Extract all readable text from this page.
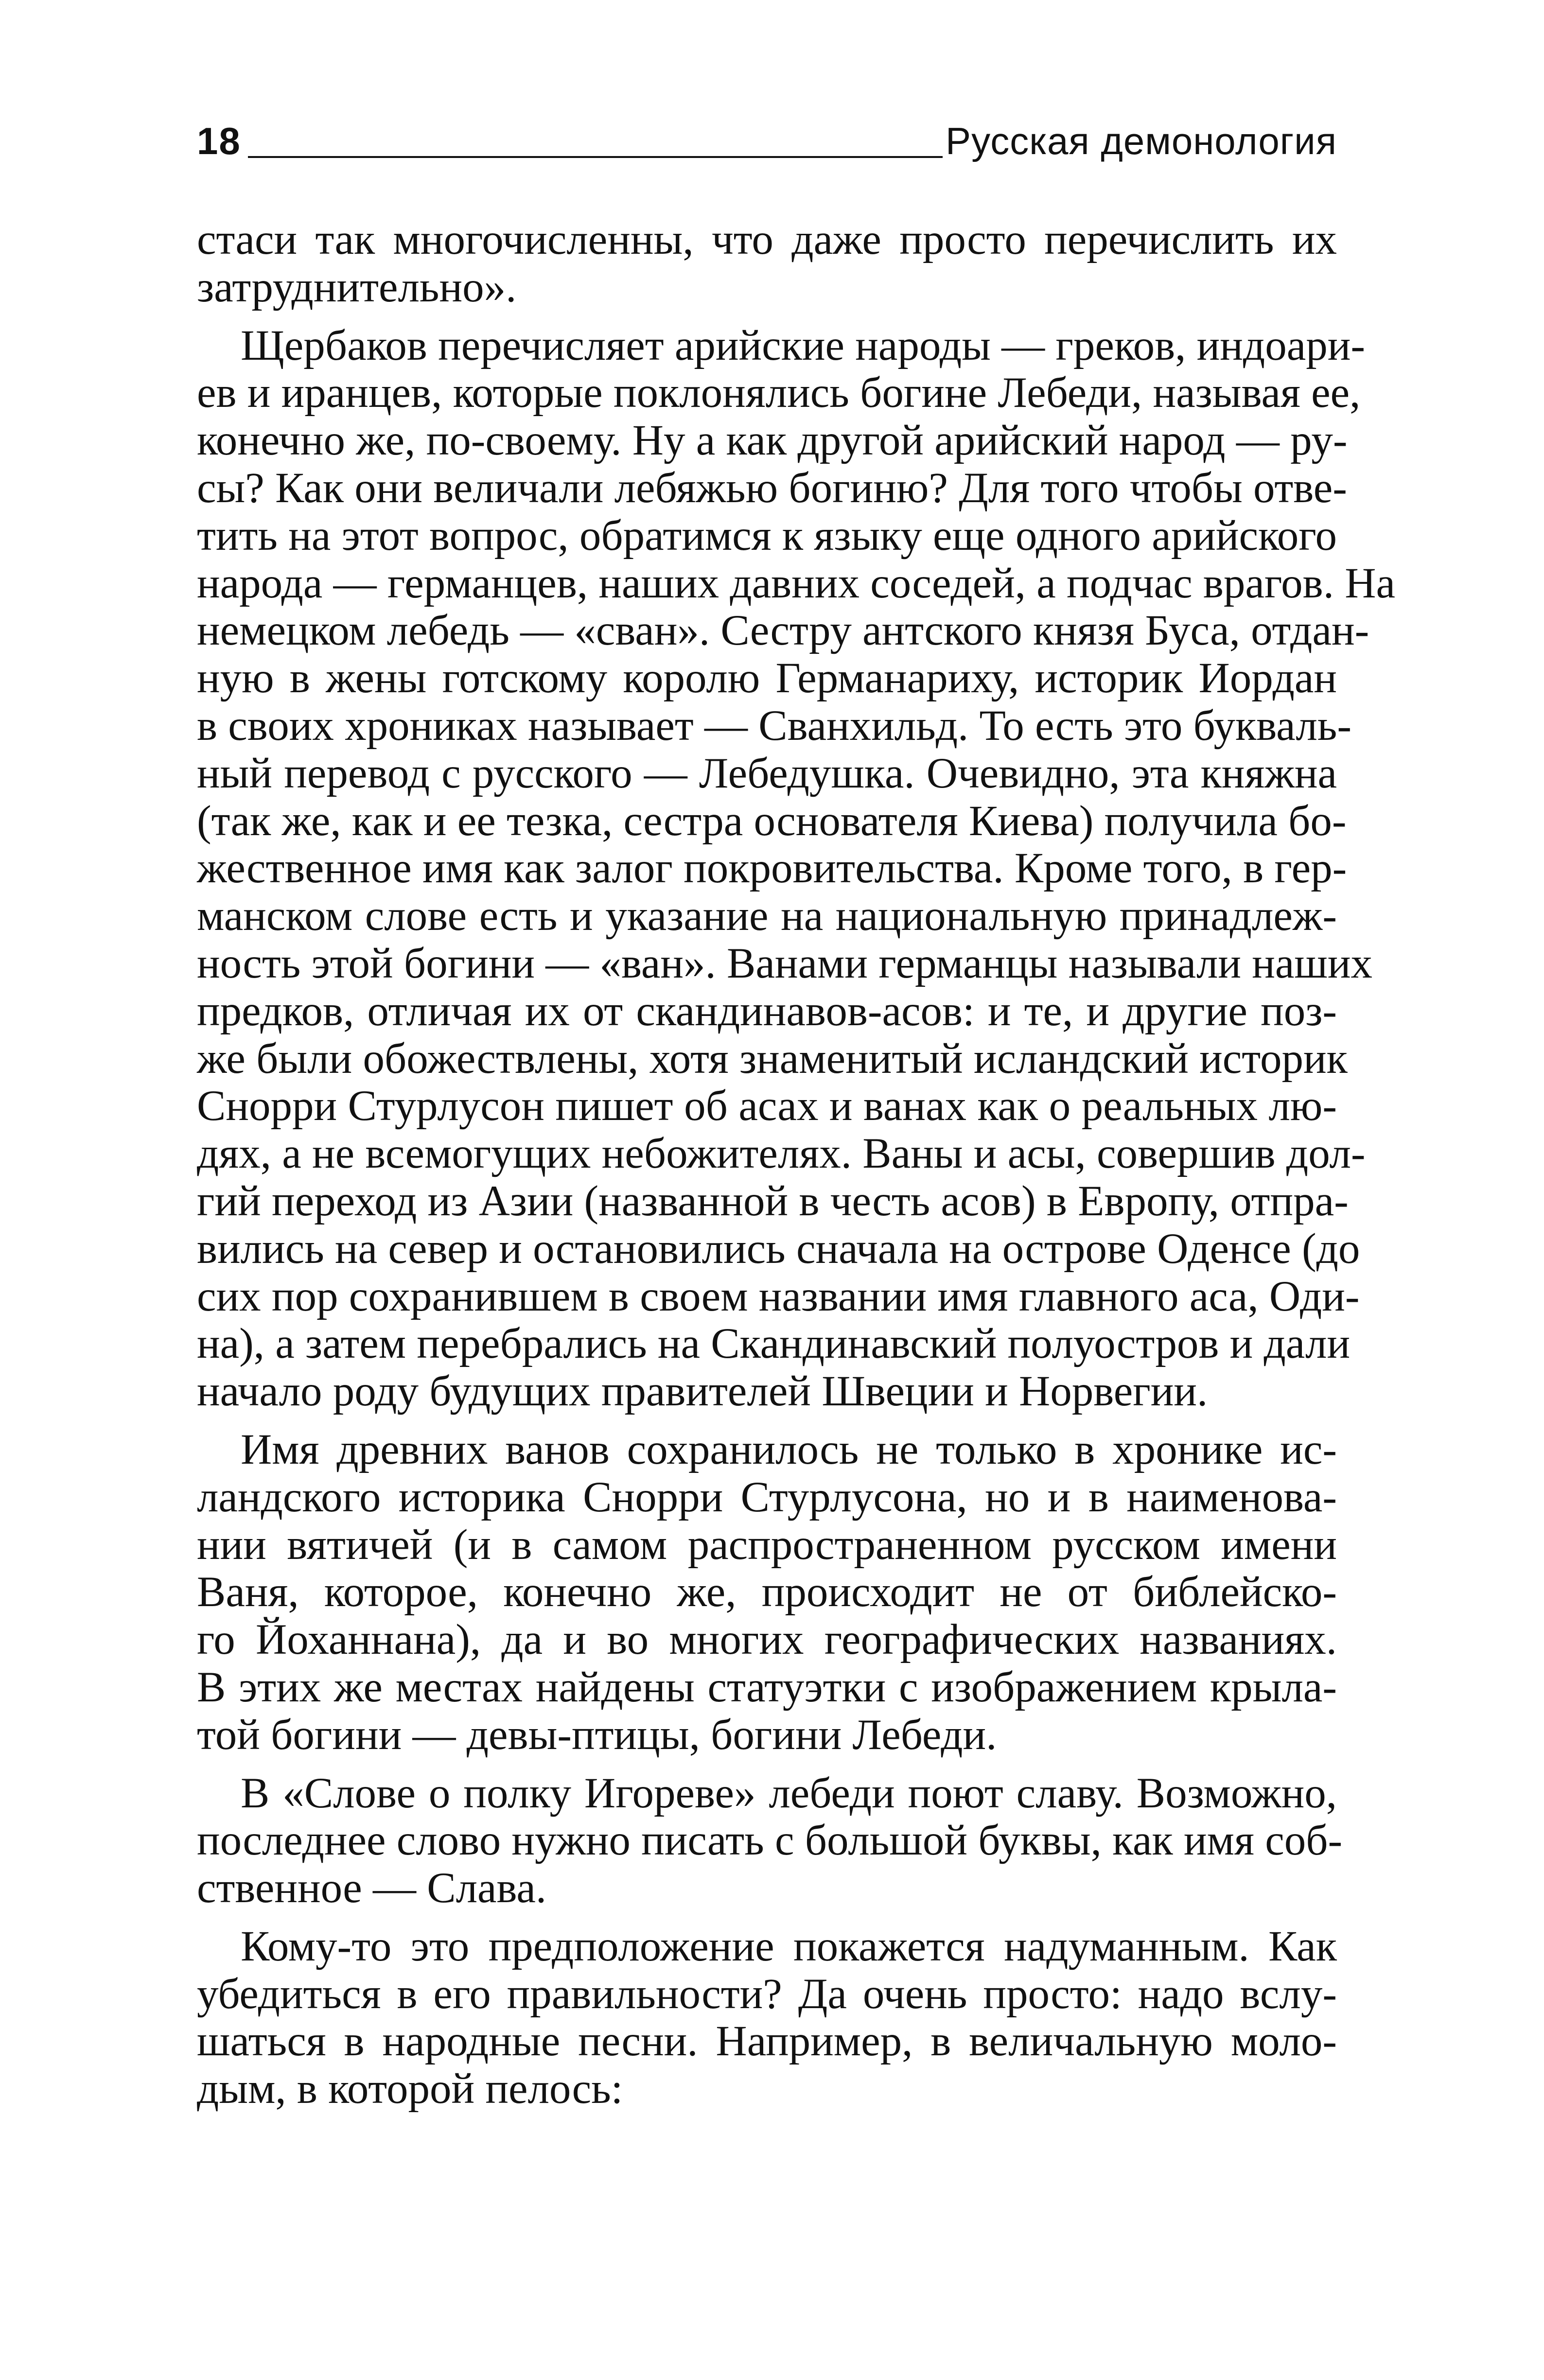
18	Русская демонология
стаси так многочисленны, что даже просто перечислить их
затруднительно».
Щербаков перечисляет арийские народы — греков, индоари-
ев и иранцев, которые поклонялись богине Лебеди, называя ее,
конечно же, по-своему. Ну а как другой арийский народ — ру-
сы? Как они величали лебяжью богиню? Для того чтобы отве-
тить на этот вопрос, обратимся к языку еще одного арийского
народа — германцев, наших давних соседей, а подчас врагов. На
немецком лебедь — «сван». Сестру антского князя Буса, отдан-
ную в жены готскому королю Германариху, историк Иордан
в своих хрониках называет — Сванхильд. То есть это букваль-
ный перевод с русского — Лебедушка. Очевидно, эта княжна
(так же, как и ее тезка, сестра основателя Киева) получила бо-
жественное имя как залог покровительства. Кроме того, в гер-
манском слове есть и указание на национальную принадлеж-
ность этой богини — «ван». Ванами германцы называли наших
предков, отличая их от скандинавов-асов: и те, и другие поз-
же были обожествлены, хотя знаменитый исландский историк
Снорри Стурлусон пишет об асах и ванах как о реальных лю-
дях, а не всемогущих небожителях. Ваны и асы, совершив дол-
гий переход из Азии (названной в честь асов) в Европу, отпра-
вились на север и остановились сначала на острове Оденсе (до
сих пор сохранившем в своем названии имя главного аса, Оди-
на), а затем перебрались на Скандинавский полуостров и дали
начало роду будущих правителей Швеции и Норвегии.
Имя древних ванов сохранилось не только в хронике ис-
ландского историка Снорри Стурлусона, но и в наименова-
нии вятичей (и в самом распространенном русском имени
Ваня, которое, конечно же, происходит не от библейско-
го Йоханнана), да и во многих географических названиях.
В этих же местах найдены статуэтки с изображением крыла-
той богини — девы-птицы, богини Лебеди.
В «Слове о полку Игореве» лебеди поют славу. Возможно,
последнее слово нужно писать с большой буквы, как имя соб-
ственное — Слава.
Кому-то это предположение покажется надуманным. Как
убедиться в его правильности? Да очень просто: надо вслу-
шаться в народные песни. Например, в величальную моло-
дым, в которой пелось:
